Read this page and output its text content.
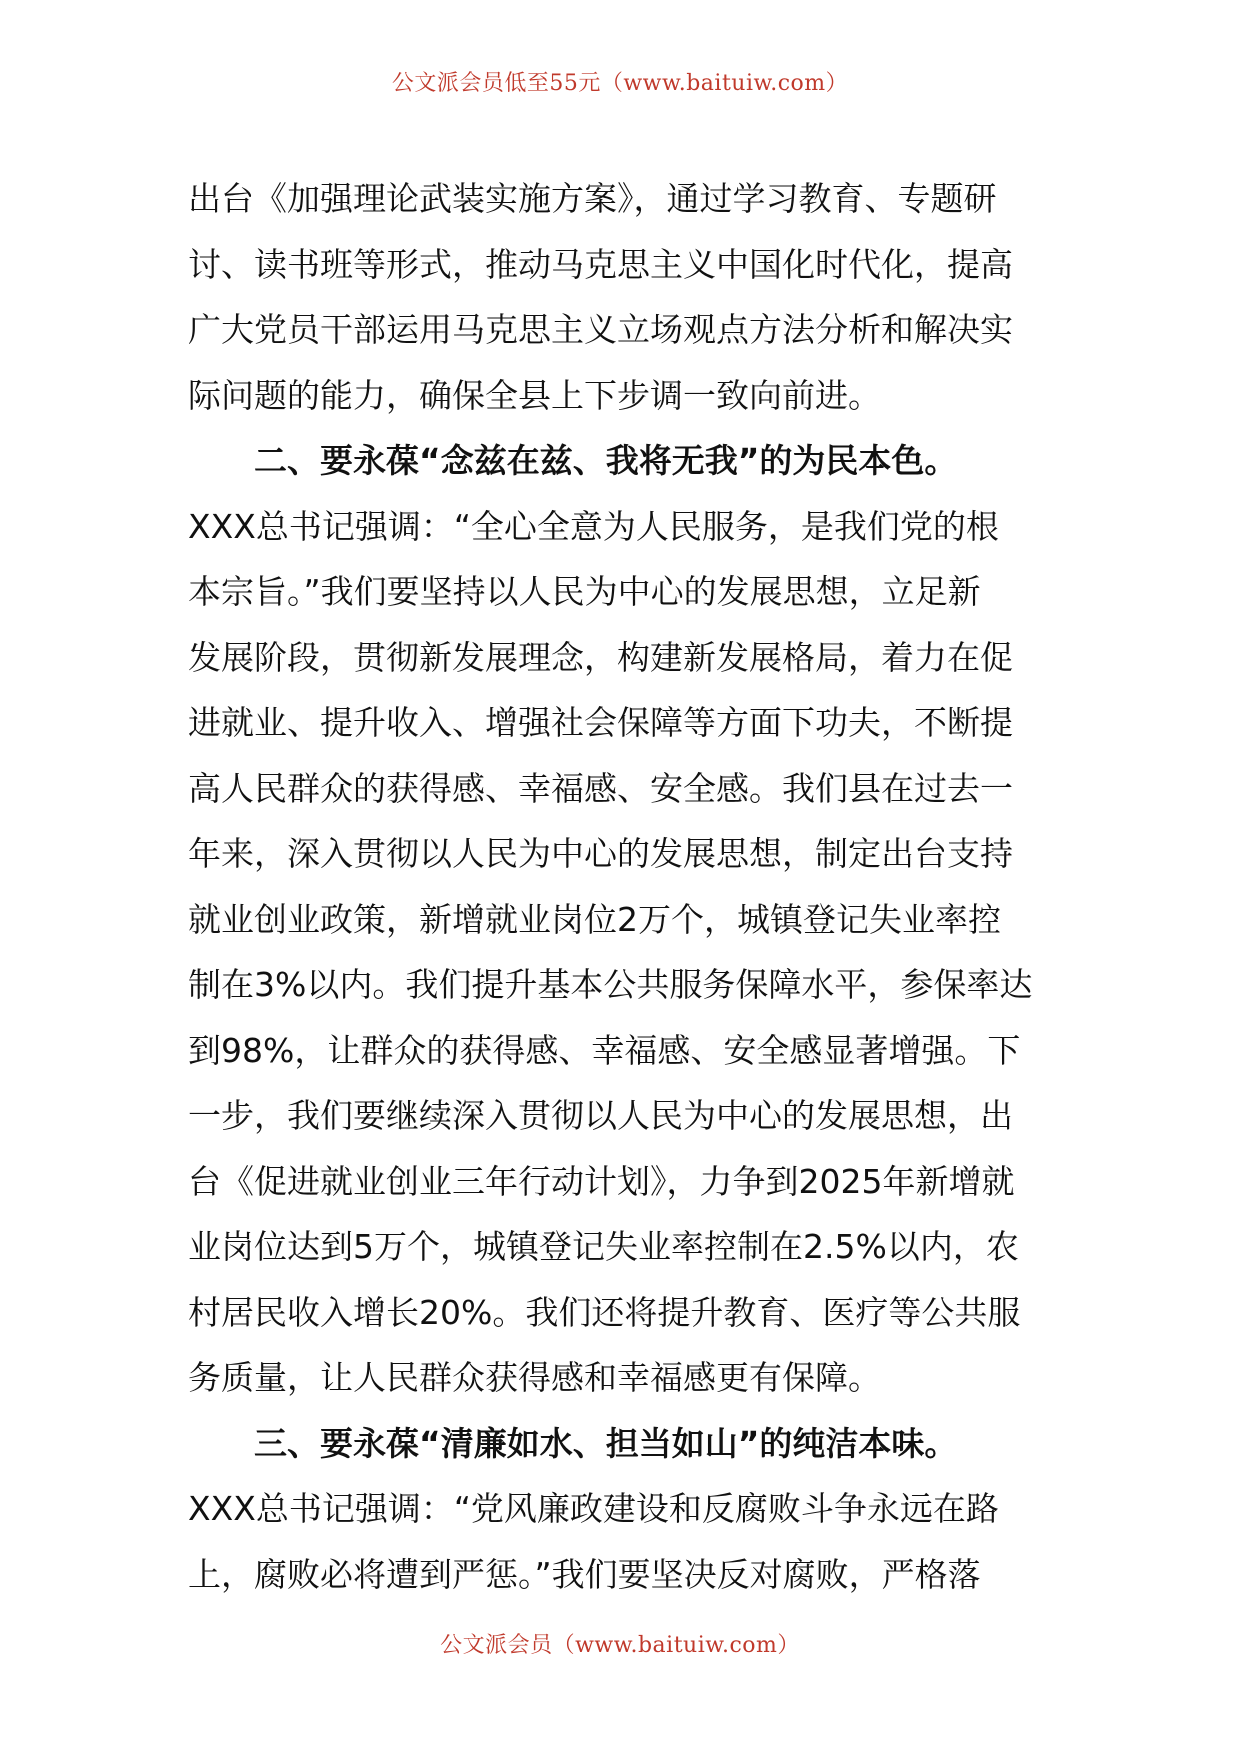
公文派会员低至55元（www.baituiw.com）
出台《加强理论武装实施方案》，通过学习教育、专题研
讨、读书班等形式，推动马克思主义中国化时代化，提高
广大党员干部运用马克思主义立场观点方法分析和解决实
际问题的能力，确保全县上下步调一致向前进。
二、要永葆“念兹在兹、我将无我”的为民本色。
XXX总书记强调：“全心全意为人民服务，是我们党的根
本宗旨。”我们要坚持以人民为中心的发展思想，立足新
发展阶段，贯彻新发展理念，构建新发展格局，着力在促
进就业、提升收入、增强社会保障等方面下功夫，不断提
高人民群众的获得感、幸福感、安全感。我们县在过去一
年来，深入贯彻以人民为中心的发展思想，制定出台支持
就业创业政策，新增就业岗位2万个，城镇登记失业率控
制在3%以内。我们提升基本公共服务保障水平，参保率达
到98%，让群众的获得感、幸福感、安全感显著增强。下
一步，我们要继续深入贯彻以人民为中心的发展思想，出
台《促进就业创业三年行动计划》，力争到2025年新增就
业岗位达到5万个，城镇登记失业率控制在2.5%以内，农
村居民收入增长20%。我们还将提升教育、医疗等公共服
务质量，让人民群众获得感和幸福感更有保障。
三、要永葆“清廉如水、担当如山”的纯洁本味。
XXX总书记强调：“党风廉政建设和反腐败斗争永远在路
上，腐败必将遭到严惩。”我们要坚决反对腐败，严格落
公文派会员（www.baituiw.com）
